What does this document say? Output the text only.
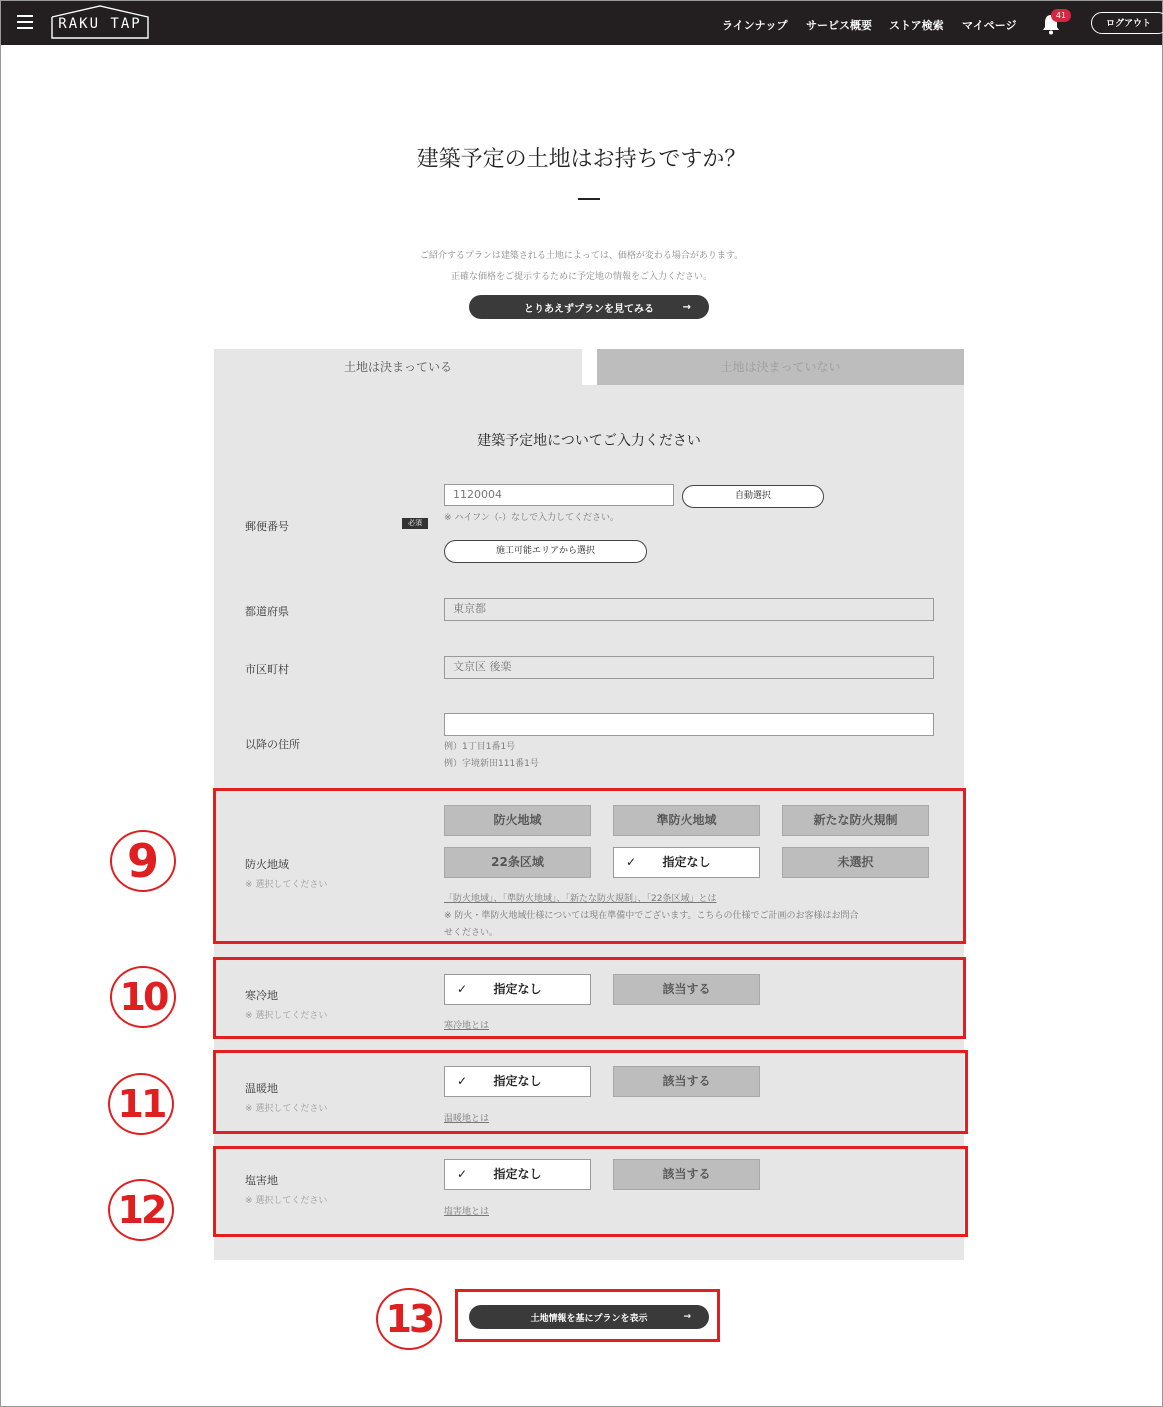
RAKU TAP	ラインナップ サービス概要 ストア検索 マイページ
41
ログアウト
建築予定の土地はお持ちですか？
ご紹介するプランは建築される土地によっては、価格が変わる場合があります。
正確な価格をご提示するために予定地の情報をご入力ください。
とりあえずプランを見てみる	→
土地は決まっている	土地は決まっていない
建築予定地についてご入力ください
郵便番号	必須
1120004	自動選択
※ ハイフン（-）なしで入力してください。
施工可能エリアから選択
都道府県	東京都
市区町村	文京区 後楽
以降の住所	例）1丁目1番1号
例）字境新田111番1号
防火地域
※ 選択してください
防火地域	準防火地域	新たな防火規制
22条区域	✓ 指定なし	未選択
「防火地域」、「準防火地域」、「新たな防火規制」、「22条区域」とは
※ 防火・準防火地域仕様については現在準備中でございます。こちらの仕様でご計画のお客様はお問合
せください。
寒冷地
※ 選択してください
✓ 指定なし	該当する
寒冷地とは
温暖地
※ 選択してください
✓ 指定なし	該当する
温暖地とは
塩害地
※ 選択してください
✓ 指定なし	該当する
塩害地とは
土地情報を基にプランを表示	→
9
10
11
12
13
